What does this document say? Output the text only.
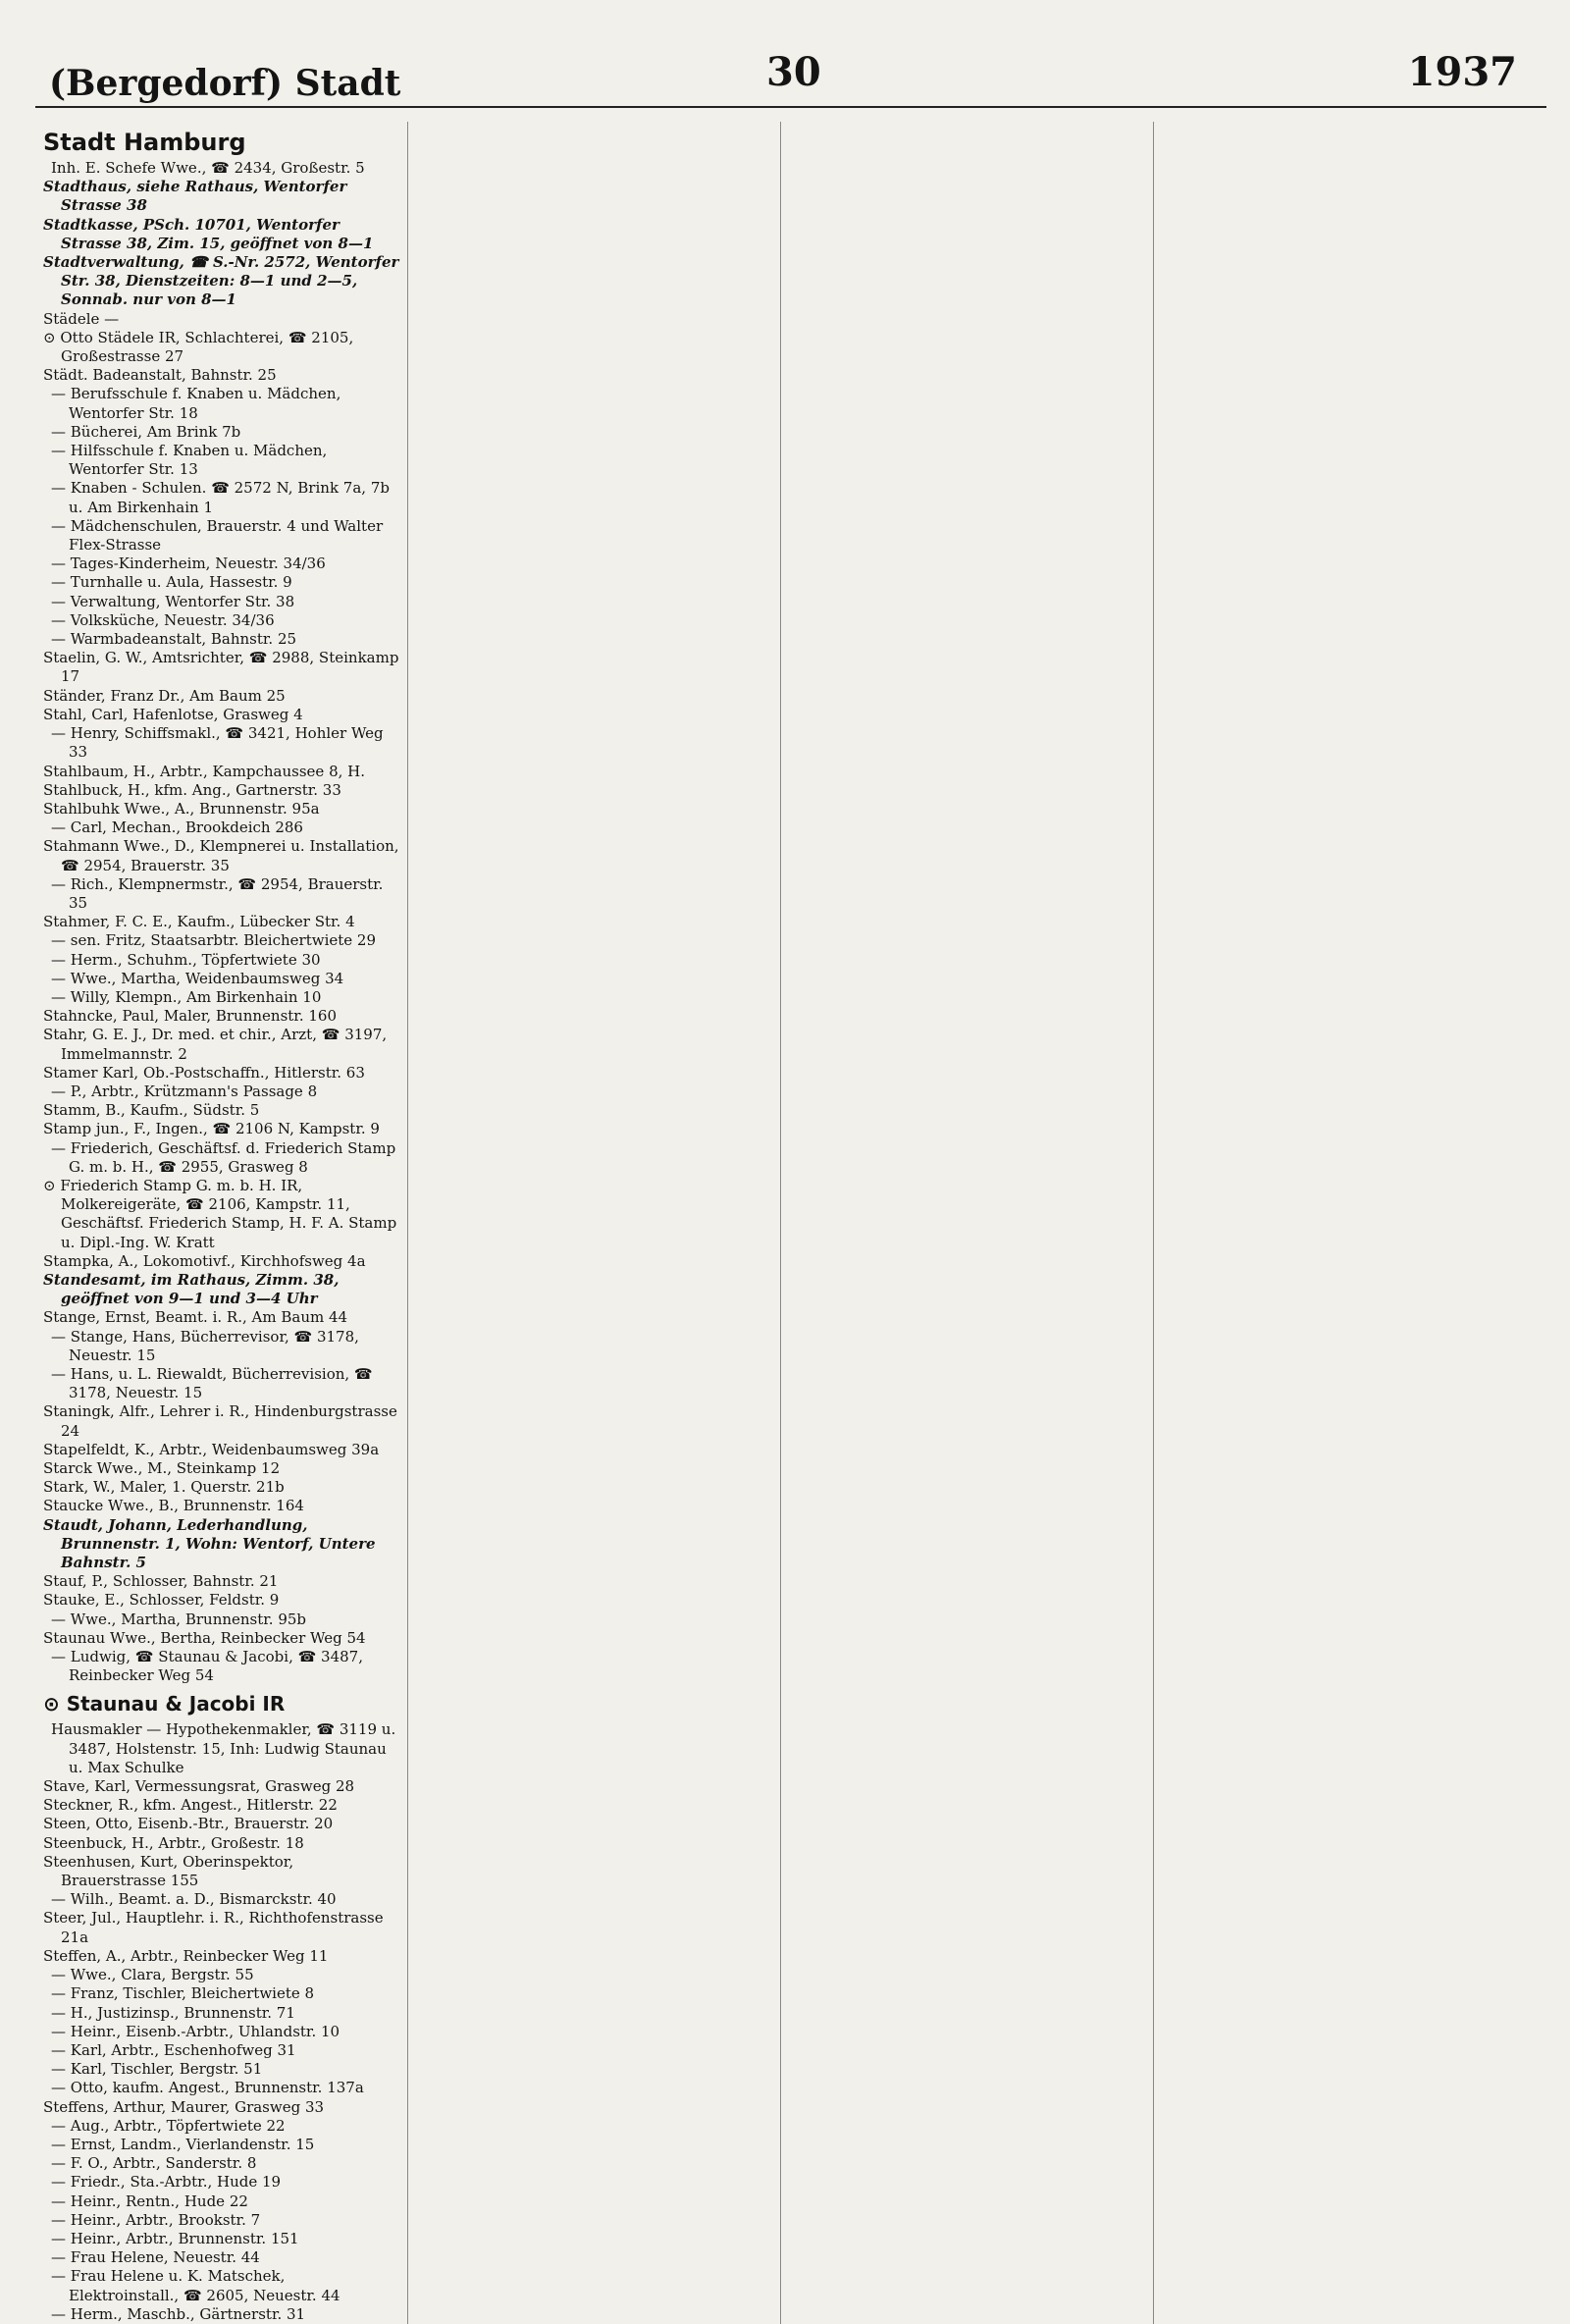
(Bergedorf) Stadt	30	1937
Stadt Hamburg
Inh. E. Schefe Wwe., ☎ 2434, Großestr. 5
Stadthaus, siehe Rathaus, Wentorfer Strasse 38
Stadtkasse, PSch. 10701, Wentorfer Strasse 38, Zim. 15, geöffnet von 8—1
Stadtverwaltung, ☎ S.-Nr. 2572, Wentorfer Str. 38, Dienstzeiten: 8—1 und 2—5, Sonnab. nur von 8—1
Städele —
⊙ Otto Städele IR, Schlachterei, ☎ 2105, Großestrasse 27
Städt. Badeanstalt, Bahnstr. 25
— Berufsschule f. Knaben u. Mädchen, Wentorfer Str. 18
— Bücherei, Am Brink 7b
— Hilfsschule f. Knaben u. Mädchen, Wentorfer Str. 13
— Knaben - Schulen. ☎ 2572 N, Brink 7a, 7b u. Am Birkenhain 1
— Mädchenschulen, Brauerstr. 4 und Walter Flex-Strasse
— Tages-Kinderheim, Neuestr. 34/36
— Turnhalle u. Aula, Hassestr. 9
— Verwaltung, Wentorfer Str. 38
— Volksküche, Neuestr. 34/36
— Warmbadeanstalt, Bahnstr. 25
Staelin, G. W., Amtsrichter, ☎ 2988, Steinkamp 17
Ständer, Franz Dr., Am Baum 25
Stahl, Carl, Hafenlotse, Grasweg 4
— Henry, Schiffsmakl., ☎ 3421, Hohler Weg 33
Stahlbaum, H., Arbtr., Kampchaussee 8, H.
Stahlbuck, H., kfm. Ang., Gartnerstr. 33
Stahlbuhk Wwe., A., Brunnenstr. 95a
— Carl, Mechan., Brookdeich 286
Stahmann Wwe., D., Klempnerei u. Installation, ☎ 2954, Brauerstr. 35
— Rich., Klempnermstr., ☎ 2954, Brauerstr. 35
Stahmer, F. C. E., Kaufm., Lübecker Str. 4
— sen. Fritz, Staatsarbtr. Bleichertwiete 29
— Herm., Schuhm., Töpfertwiete 30
— Wwe., Martha, Weidenbaumsweg 34
— Willy, Klempn., Am Birkenhain 10
Stahncke, Paul, Maler, Brunnenstr. 160
Stahr, G. E. J., Dr. med. et chir., Arzt, ☎ 3197, Immelmannstr. 2
Stamer Karl, Ob.-Postschaffn., Hitlerstr. 63
— P., Arbtr., Krützmann's Passage 8
Stamm, B., Kaufm., Südstr. 5
Stamp jun., F., Ingen., ☎ 2106 N, Kampstr. 9
— Friederich, Geschäftsf. d. Friederich Stamp G. m. b. H., ☎ 2955, Grasweg 8
⊙ Friederich Stamp G. m. b. H. IR, Molkereigeräte, ☎ 2106, Kampstr. 11, Geschäftsf. Friederich Stamp, H. F. A. Stamp u. Dipl.-Ing. W. Kratt
Stampka, A., Lokomotivf., Kirchhofsweg 4a
Standesamt, im Rathaus, Zimm. 38, geöffnet von 9—1 und 3—4 Uhr
Stange, Ernst, Beamt. i. R., Am Baum 44
— Stange, Hans, Bücherrevisor, ☎ 3178, Neuestr. 15
— Hans, u. L. Riewaldt, Bücherrevision, ☎ 3178, Neuestr. 15
Staningk, Alfr., Lehrer i. R., Hindenburgstrasse 24
Stapelfeldt, K., Arbtr., Weidenbaumsweg 39a
Starck Wwe., M., Steinkamp 12
Stark, W., Maler, 1. Querstr. 21b
Staucke Wwe., B., Brunnenstr. 164
Staudt, Johann, Lederhandlung, Brunnenstr. 1, Wohn: Wentorf, Untere Bahnstr. 5
Stauf, P., Schlosser, Bahnstr. 21
Stauke, E., Schlosser, Feldstr. 9
— Wwe., Martha, Brunnenstr. 95b
Staunau Wwe., Bertha, Reinbecker Weg 54
— Ludwig, ☎ Staunau & Jacobi, ☎ 3487, Reinbecker Weg 54
⊙ Staunau & Jacobi IR
Hausmakler — Hypothekenmakler, ☎ 3119 u. 3487, Holstenstr. 15, Inh: Ludwig Staunau u. Max Schulke
Stave, Karl, Vermessungsrat, Grasweg 28
Steckner, R., kfm. Angest., Hitlerstr. 22
Steen, Otto, Eisenb.-Btr., Brauerstr. 20
Steenbuck, H., Arbtr., Großestr. 18
Steenhusen, Kurt, Oberinspektor, Brauerstrasse 155
— Wilh., Beamt. a. D., Bismarckstr. 40
Steer, Jul., Hauptlehr. i. R., Richthofenstrasse 21a
Steffen, A., Arbtr., Reinbecker Weg 11
— Wwe., Clara, Bergstr. 55
— Franz, Tischler, Bleichertwiete 8
— H., Justizinsp., Brunnenstr. 71
— Heinr., Eisenb.-Arbtr., Uhlandstr. 10
— Karl, Arbtr., Eschenhofweg 31
— Karl, Tischler, Bergstr. 51
— Otto, kaufm. Angest., Brunnenstr. 137a
Steffens, Arthur, Maurer, Grasweg 33
— Aug., Arbtr., Töpfertwiete 22
— Ernst, Landm., Vierlandenstr. 15
— F. O., Arbtr., Sanderstr. 8
— Friedr., Sta.-Arbtr., Hude 19
— Heinr., Rentn., Hude 22
— Heinr., Arbtr., Brookstr. 7
— Heinr., Arbtr., Brunnenstr. 151
— Frau Helene, Neuestr. 44
— Frau Helene u. K. Matschek, Elektroinstall., ☎ 2605, Neuestr. 44
— Herm., Maschb., Gärtnerstr. 31
